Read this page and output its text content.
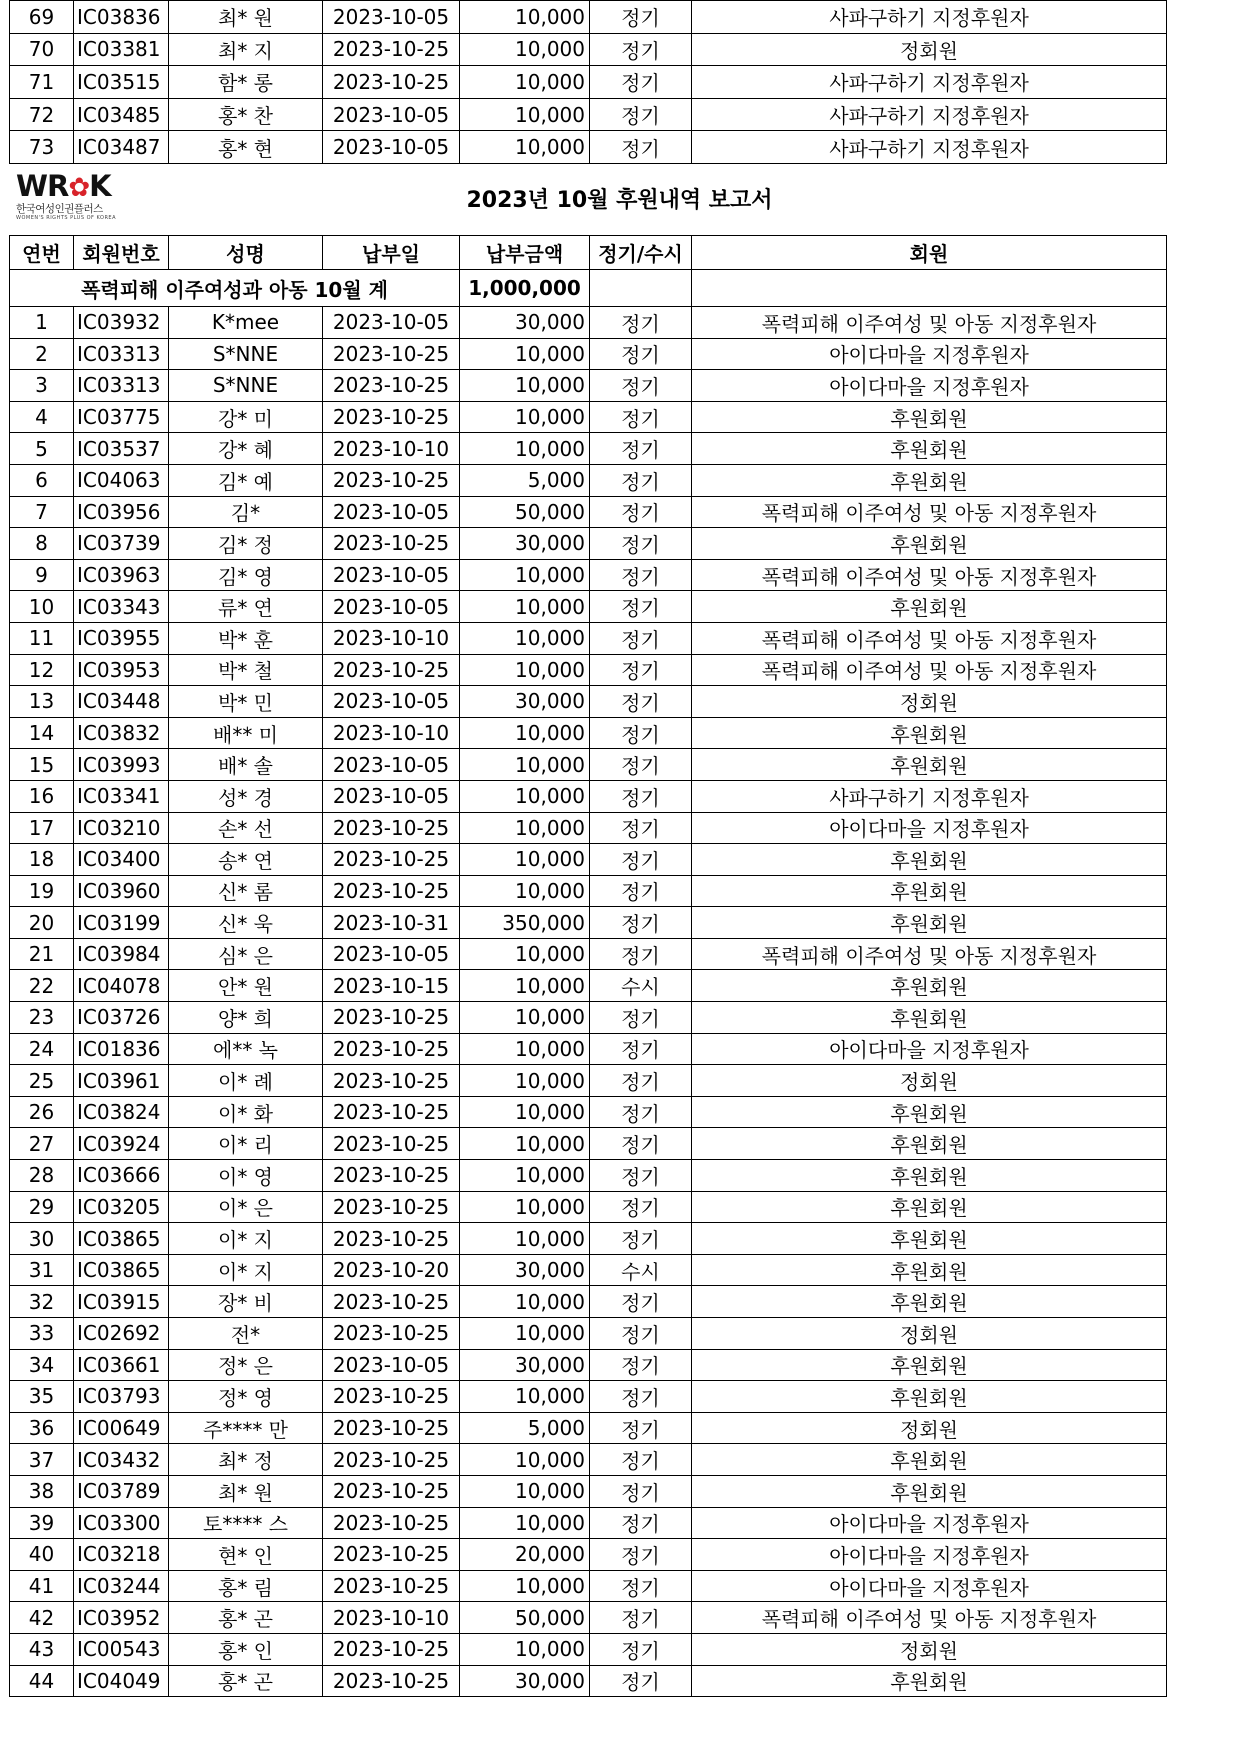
69	IC03836	최* 원	2023-10-05	10,000	정기	사파구하기 지정후원자
70	IC03381	최* 지	2023-10-25	10,000	정기	정회원
71	IC03515	함* 롱	2023-10-25	10,000	정기	사파구하기 지정후원자
72	IC03485	홍* 찬	2023-10-05	10,000	정기	사파구하기 지정후원자
73	IC03487	홍* 현	2023-10-05	10,000	정기	사파구하기 지정후원자
WR✿K
한국여성인권플러스
WOMEN'S RIGHTS PLUS OF KOREA
2023년 10월 후원내역 보고서
연번	회원번호	성명	납부일	납부금액	정기/수시	회원
폭력피해 이주여성과 아동 10월 계				1,000,000		
1	IC03932	K*mee	2023-10-05	30,000	정기	폭력피해 이주여성 및 아동 지정후원자
2	IC03313	S*NNE	2023-10-25	10,000	정기	아이다마을 지정후원자
3	IC03313	S*NNE	2023-10-25	10,000	정기	아이다마을 지정후원자
4	IC03775	강* 미	2023-10-25	10,000	정기	후원회원
5	IC03537	강* 혜	2023-10-10	10,000	정기	후원회원
6	IC04063	김* 예	2023-10-25	5,000	정기	후원회원
7	IC03956	김*	2023-10-05	50,000	정기	폭력피해 이주여성 및 아동 지정후원자
8	IC03739	김* 정	2023-10-25	30,000	정기	후원회원
9	IC03963	김* 영	2023-10-05	10,000	정기	폭력피해 이주여성 및 아동 지정후원자
10	IC03343	류* 연	2023-10-05	10,000	정기	후원회원
11	IC03955	박* 훈	2023-10-10	10,000	정기	폭력피해 이주여성 및 아동 지정후원자
12	IC03953	박* 철	2023-10-25	10,000	정기	폭력피해 이주여성 및 아동 지정후원자
13	IC03448	박* 민	2023-10-05	30,000	정기	정회원
14	IC03832	배** 미	2023-10-10	10,000	정기	후원회원
15	IC03993	배* 솔	2023-10-05	10,000	정기	후원회원
16	IC03341	성* 경	2023-10-05	10,000	정기	사파구하기 지정후원자
17	IC03210	손* 선	2023-10-25	10,000	정기	아이다마을 지정후원자
18	IC03400	송* 연	2023-10-25	10,000	정기	후원회원
19	IC03960	신* 롬	2023-10-25	10,000	정기	후원회원
20	IC03199	신* 욱	2023-10-31	350,000	정기	후원회원
21	IC03984	심* 은	2023-10-05	10,000	정기	폭력피해 이주여성 및 아동 지정후원자
22	IC04078	안* 원	2023-10-15	10,000	수시	후원회원
23	IC03726	양* 희	2023-10-25	10,000	정기	후원회원
24	IC01836	에** 녹	2023-10-25	10,000	정기	아이다마을 지정후원자
25	IC03961	이* 례	2023-10-25	10,000	정기	정회원
26	IC03824	이* 화	2023-10-25	10,000	정기	후원회원
27	IC03924	이* 리	2023-10-25	10,000	정기	후원회원
28	IC03666	이* 영	2023-10-25	10,000	정기	후원회원
29	IC03205	이* 은	2023-10-25	10,000	정기	후원회원
30	IC03865	이* 지	2023-10-25	10,000	정기	후원회원
31	IC03865	이* 지	2023-10-20	30,000	수시	후원회원
32	IC03915	장* 비	2023-10-25	10,000	정기	후원회원
33	IC02692	전*	2023-10-25	10,000	정기	정회원
34	IC03661	정* 은	2023-10-05	30,000	정기	후원회원
35	IC03793	정* 영	2023-10-25	10,000	정기	후원회원
36	IC00649	주**** 만	2023-10-25	5,000	정기	정회원
37	IC03432	최* 정	2023-10-25	10,000	정기	후원회원
38	IC03789	최* 원	2023-10-25	10,000	정기	후원회원
39	IC03300	토**** 스	2023-10-25	10,000	정기	아이다마을 지정후원자
40	IC03218	현* 인	2023-10-25	20,000	정기	아이다마을 지정후원자
41	IC03244	홍* 림	2023-10-25	10,000	정기	아이다마을 지정후원자
42	IC03952	홍* 곤	2023-10-10	50,000	정기	폭력피해 이주여성 및 아동 지정후원자
43	IC00543	홍* 인	2023-10-25	10,000	정기	정회원
44	IC04049	홍* 곤	2023-10-25	30,000	정기	후원회원
